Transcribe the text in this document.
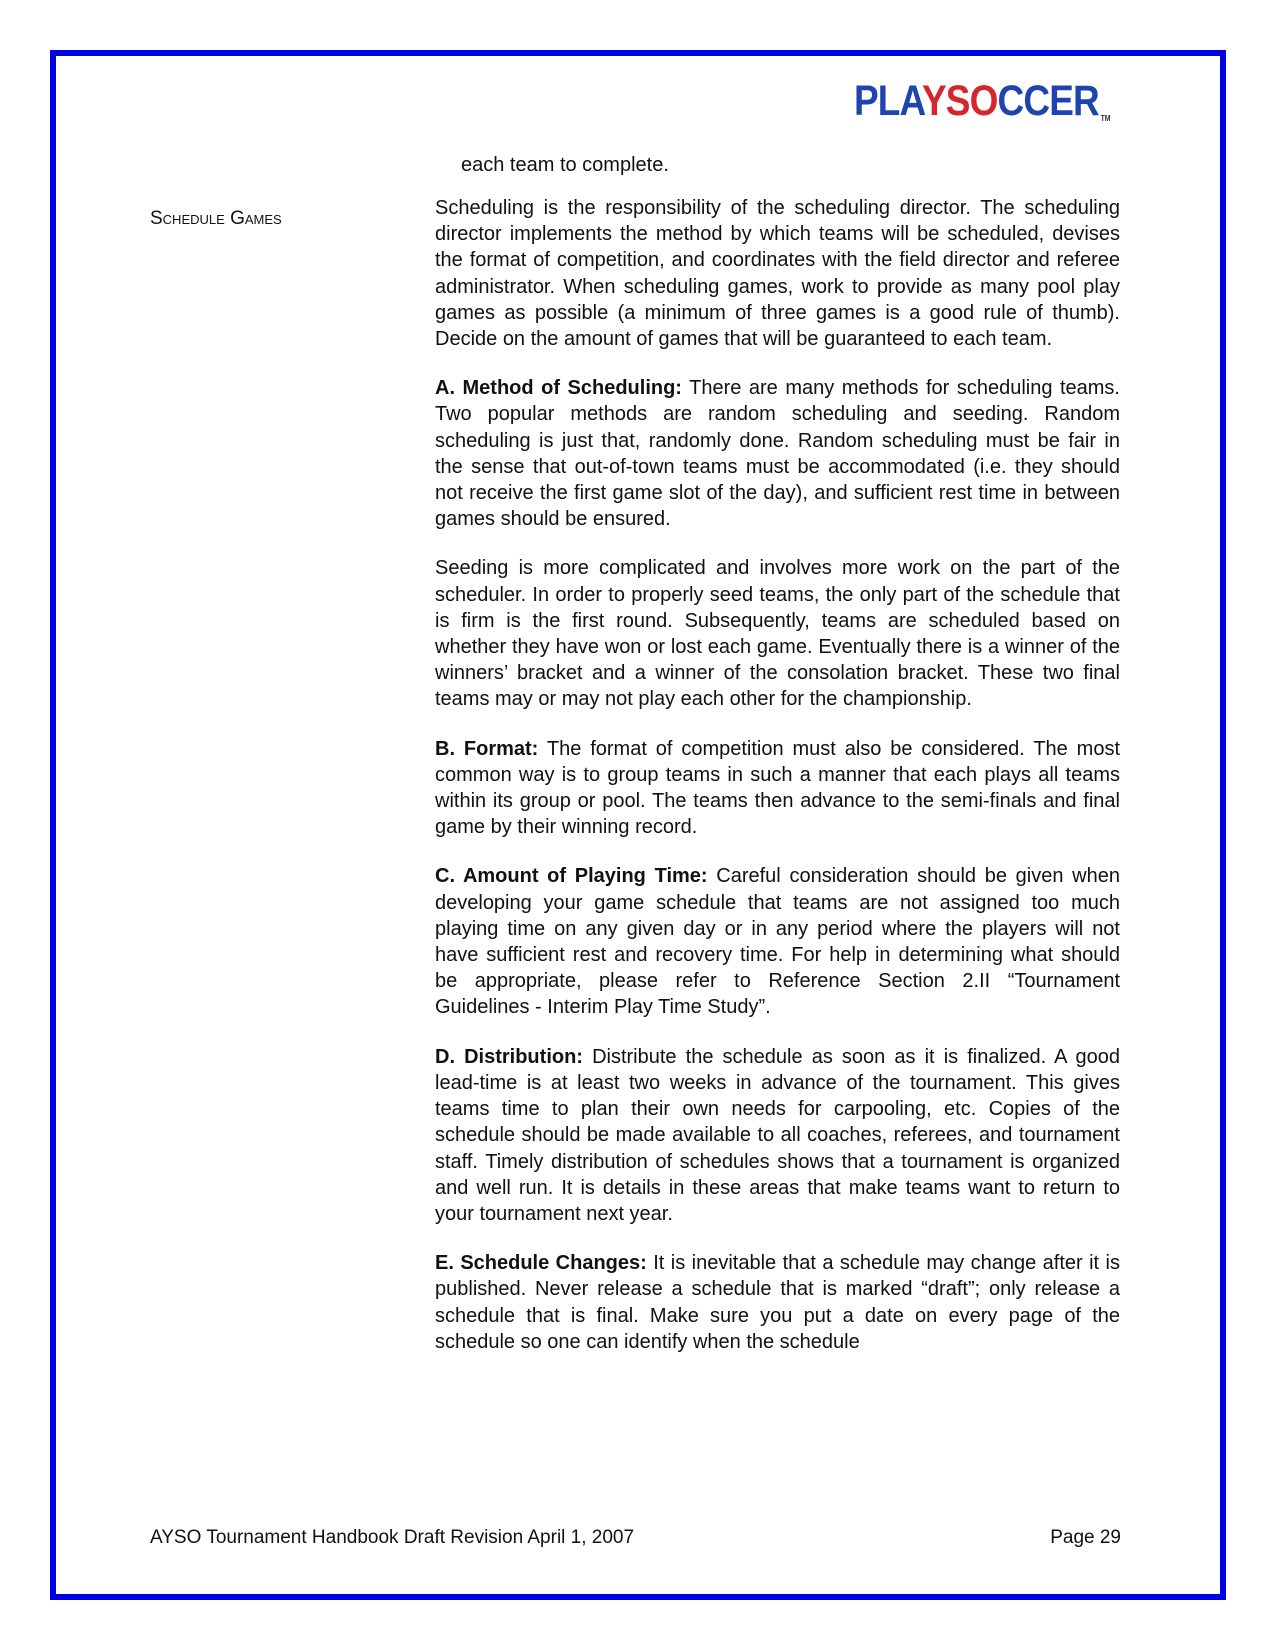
PLAYSOCCER TM

each team to complete.

Schedule Games	Scheduling is the responsibility of the scheduling director. The scheduling director implements the method by which teams will be scheduled, devises the format of competition, and coordinates with the field director and referee administrator. When scheduling games, work to provide as many pool play games as possible (a minimum of three games is a good rule of thumb). Decide on the amount of games that will be guaranteed to each team.

A. Method of Scheduling: There are many methods for scheduling teams. Two popular methods are random scheduling and seeding. Random scheduling is just that, randomly done. Random scheduling must be fair in the sense that out-of-town teams must be accommodated (i.e. they should not receive the first game slot of the day), and sufficient rest time in between games should be ensured.

Seeding is more complicated and involves more work on the part of the scheduler. In order to properly seed teams, the only part of the schedule that is firm is the first round. Subsequently, teams are scheduled based on whether they have won or lost each game. Eventually there is a winner of the winners’ bracket and a winner of the consolation bracket. These two final teams may or may not play each other for the championship.

B. Format: The format of competition must also be considered. The most common way is to group teams in such a manner that each plays all teams within its group or pool. The teams then advance to the semi-finals and final game by their winning record.

C. Amount of Playing Time: Careful consideration should be given when developing your game schedule that teams are not assigned too much playing time on any given day or in any period where the players will not have sufficient rest and recovery time. For help in determining what should be appropriate, please refer to Reference Section 2.II “Tournament Guidelines - Interim Play Time Study”.

D. Distribution: Distribute the schedule as soon as it is finalized. A good lead-time is at least two weeks in advance of the tournament. This gives teams time to plan their own needs for carpooling, etc. Copies of the schedule should be made available to all coaches, referees, and tournament staff. Timely distribution of schedules shows that a tournament is organized and well run. It is details in these areas that make teams want to return to your tournament next year.

E. Schedule Changes: It is inevitable that a schedule may change after it is published. Never release a schedule that is marked “draft”; only release a schedule that is final. Make sure you put a date on every page of the schedule so one can identify when the schedule

AYSO Tournament Handbook Draft Revision April 1, 2007	Page 29
